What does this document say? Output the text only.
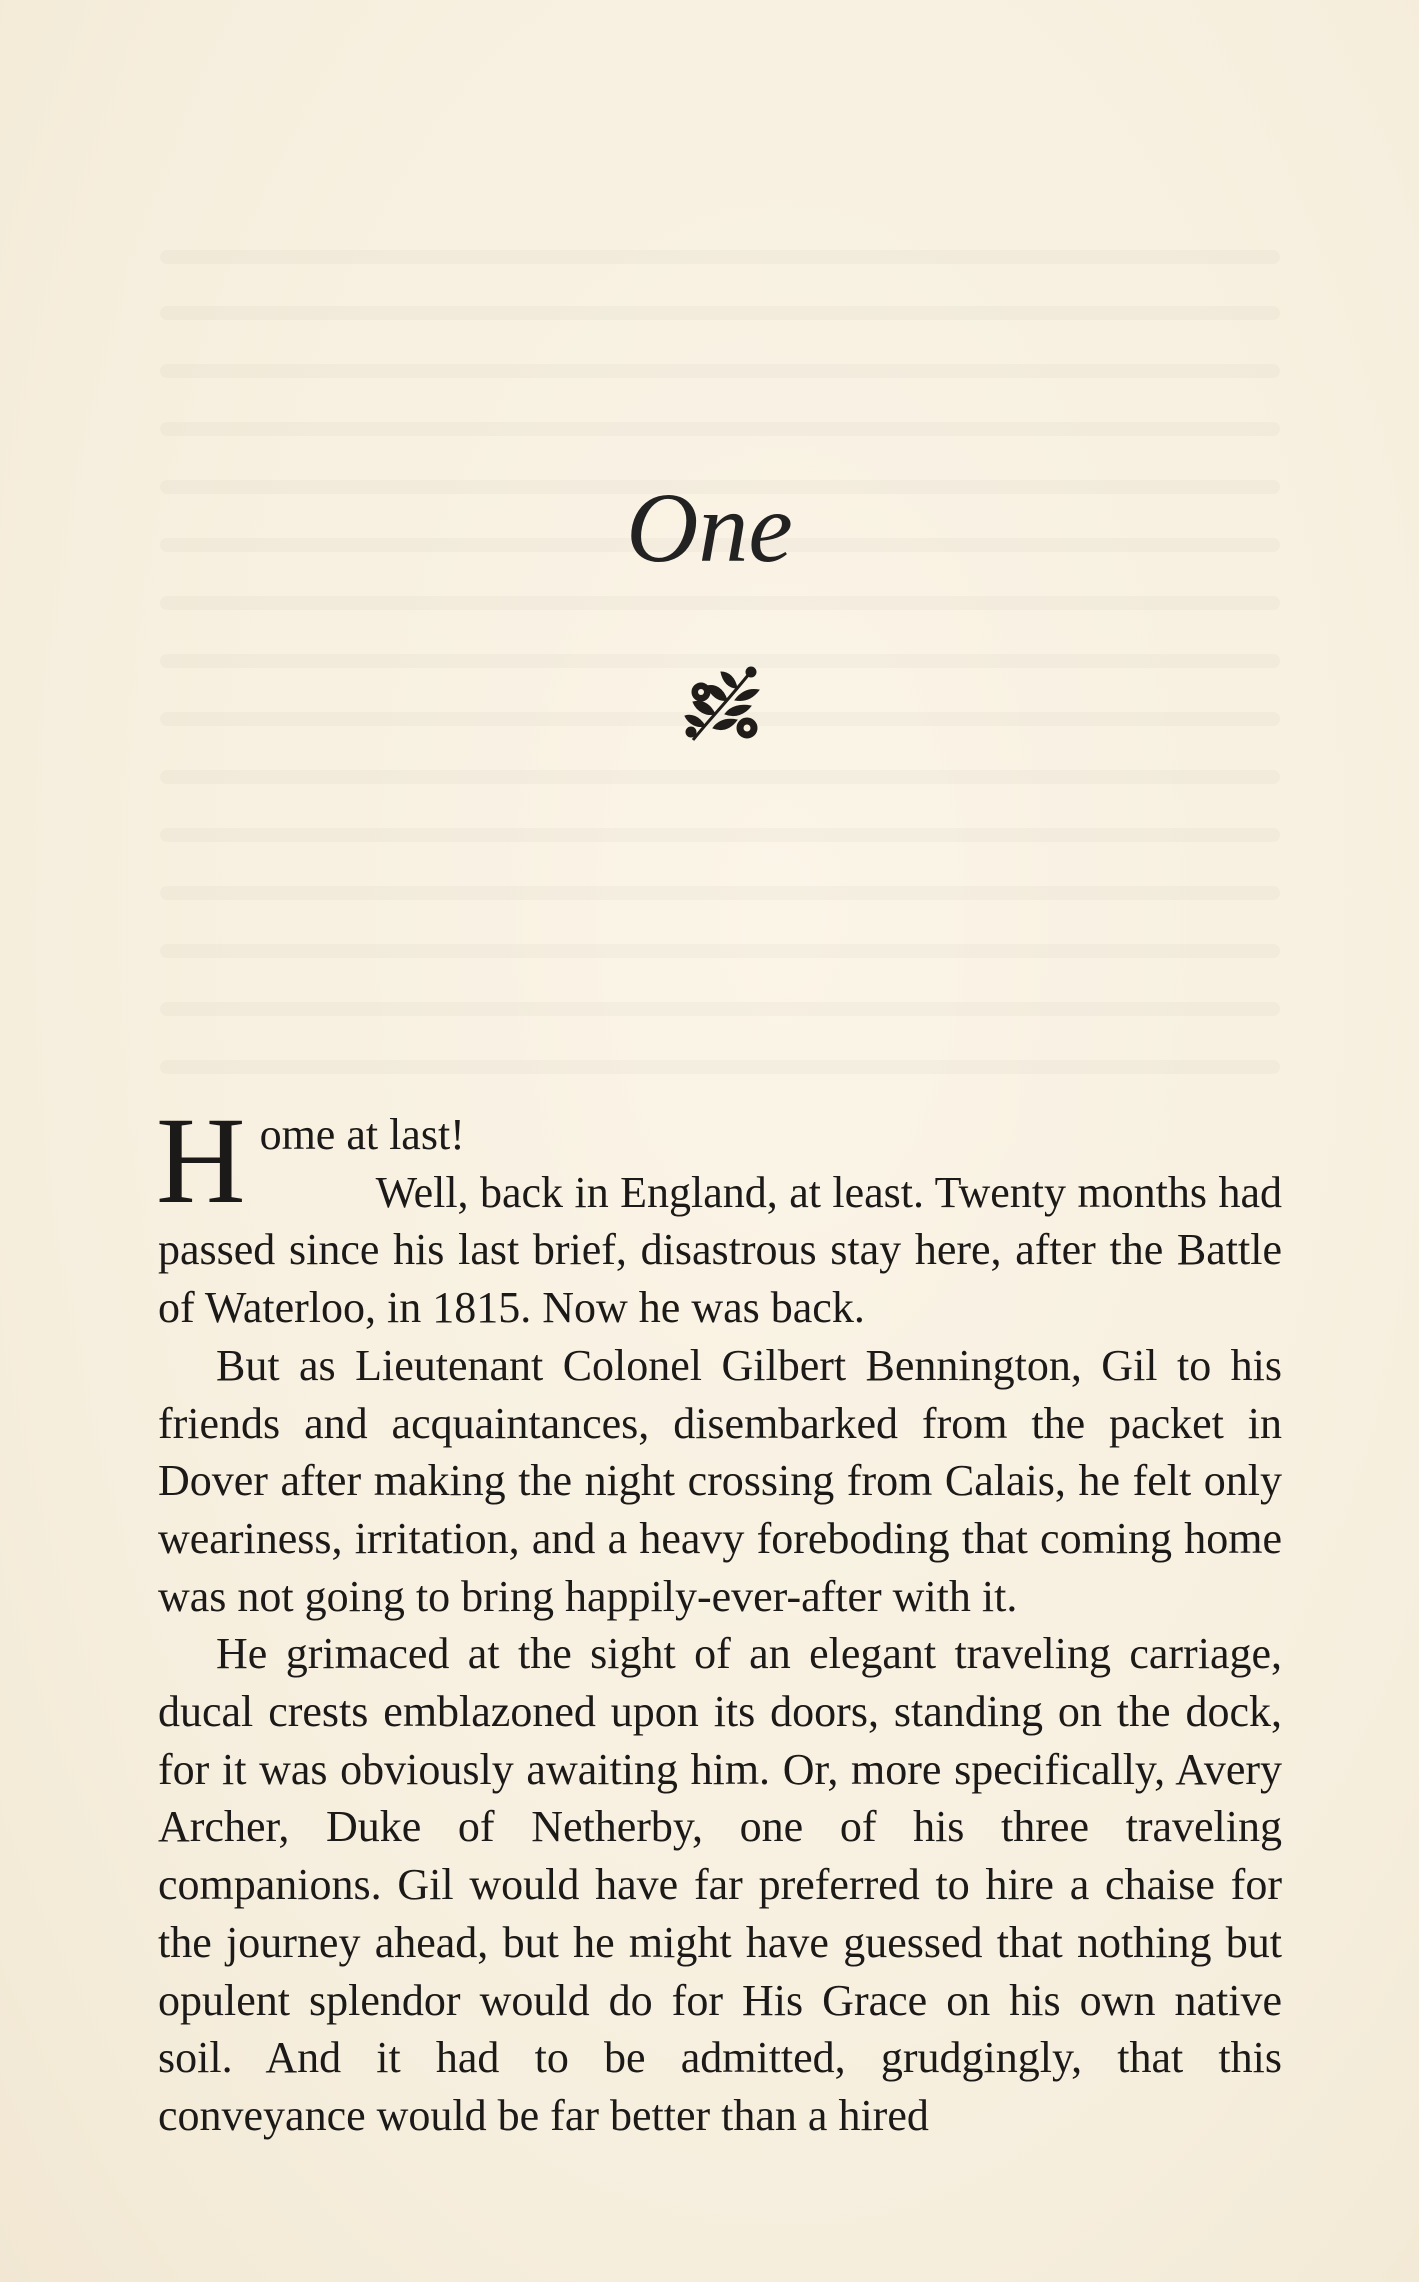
One

Home at last!
Well, back in England, at least. Twenty months had passed since his last brief, disastrous stay here, after the Battle of Waterloo, in 1815. Now he was back.

But as Lieutenant Colonel Gilbert Bennington, Gil to his friends and acquaintances, disembarked from the packet in Dover after making the night crossing from Calais, he felt only weariness, irritation, and a heavy foreboding that coming home was not going to bring happily-ever-after with it.

He grimaced at the sight of an elegant traveling carriage, ducal crests emblazoned upon its doors, standing on the dock, for it was obviously awaiting him. Or, more specifically, Avery Archer, Duke of Netherby, one of his three traveling companions. Gil would have far preferred to hire a chaise for the journey ahead, but he might have guessed that nothing but opulent splendor would do for His Grace on his own native soil. And it had to be admitted, grudgingly, that this conveyance would be far better than a hired
